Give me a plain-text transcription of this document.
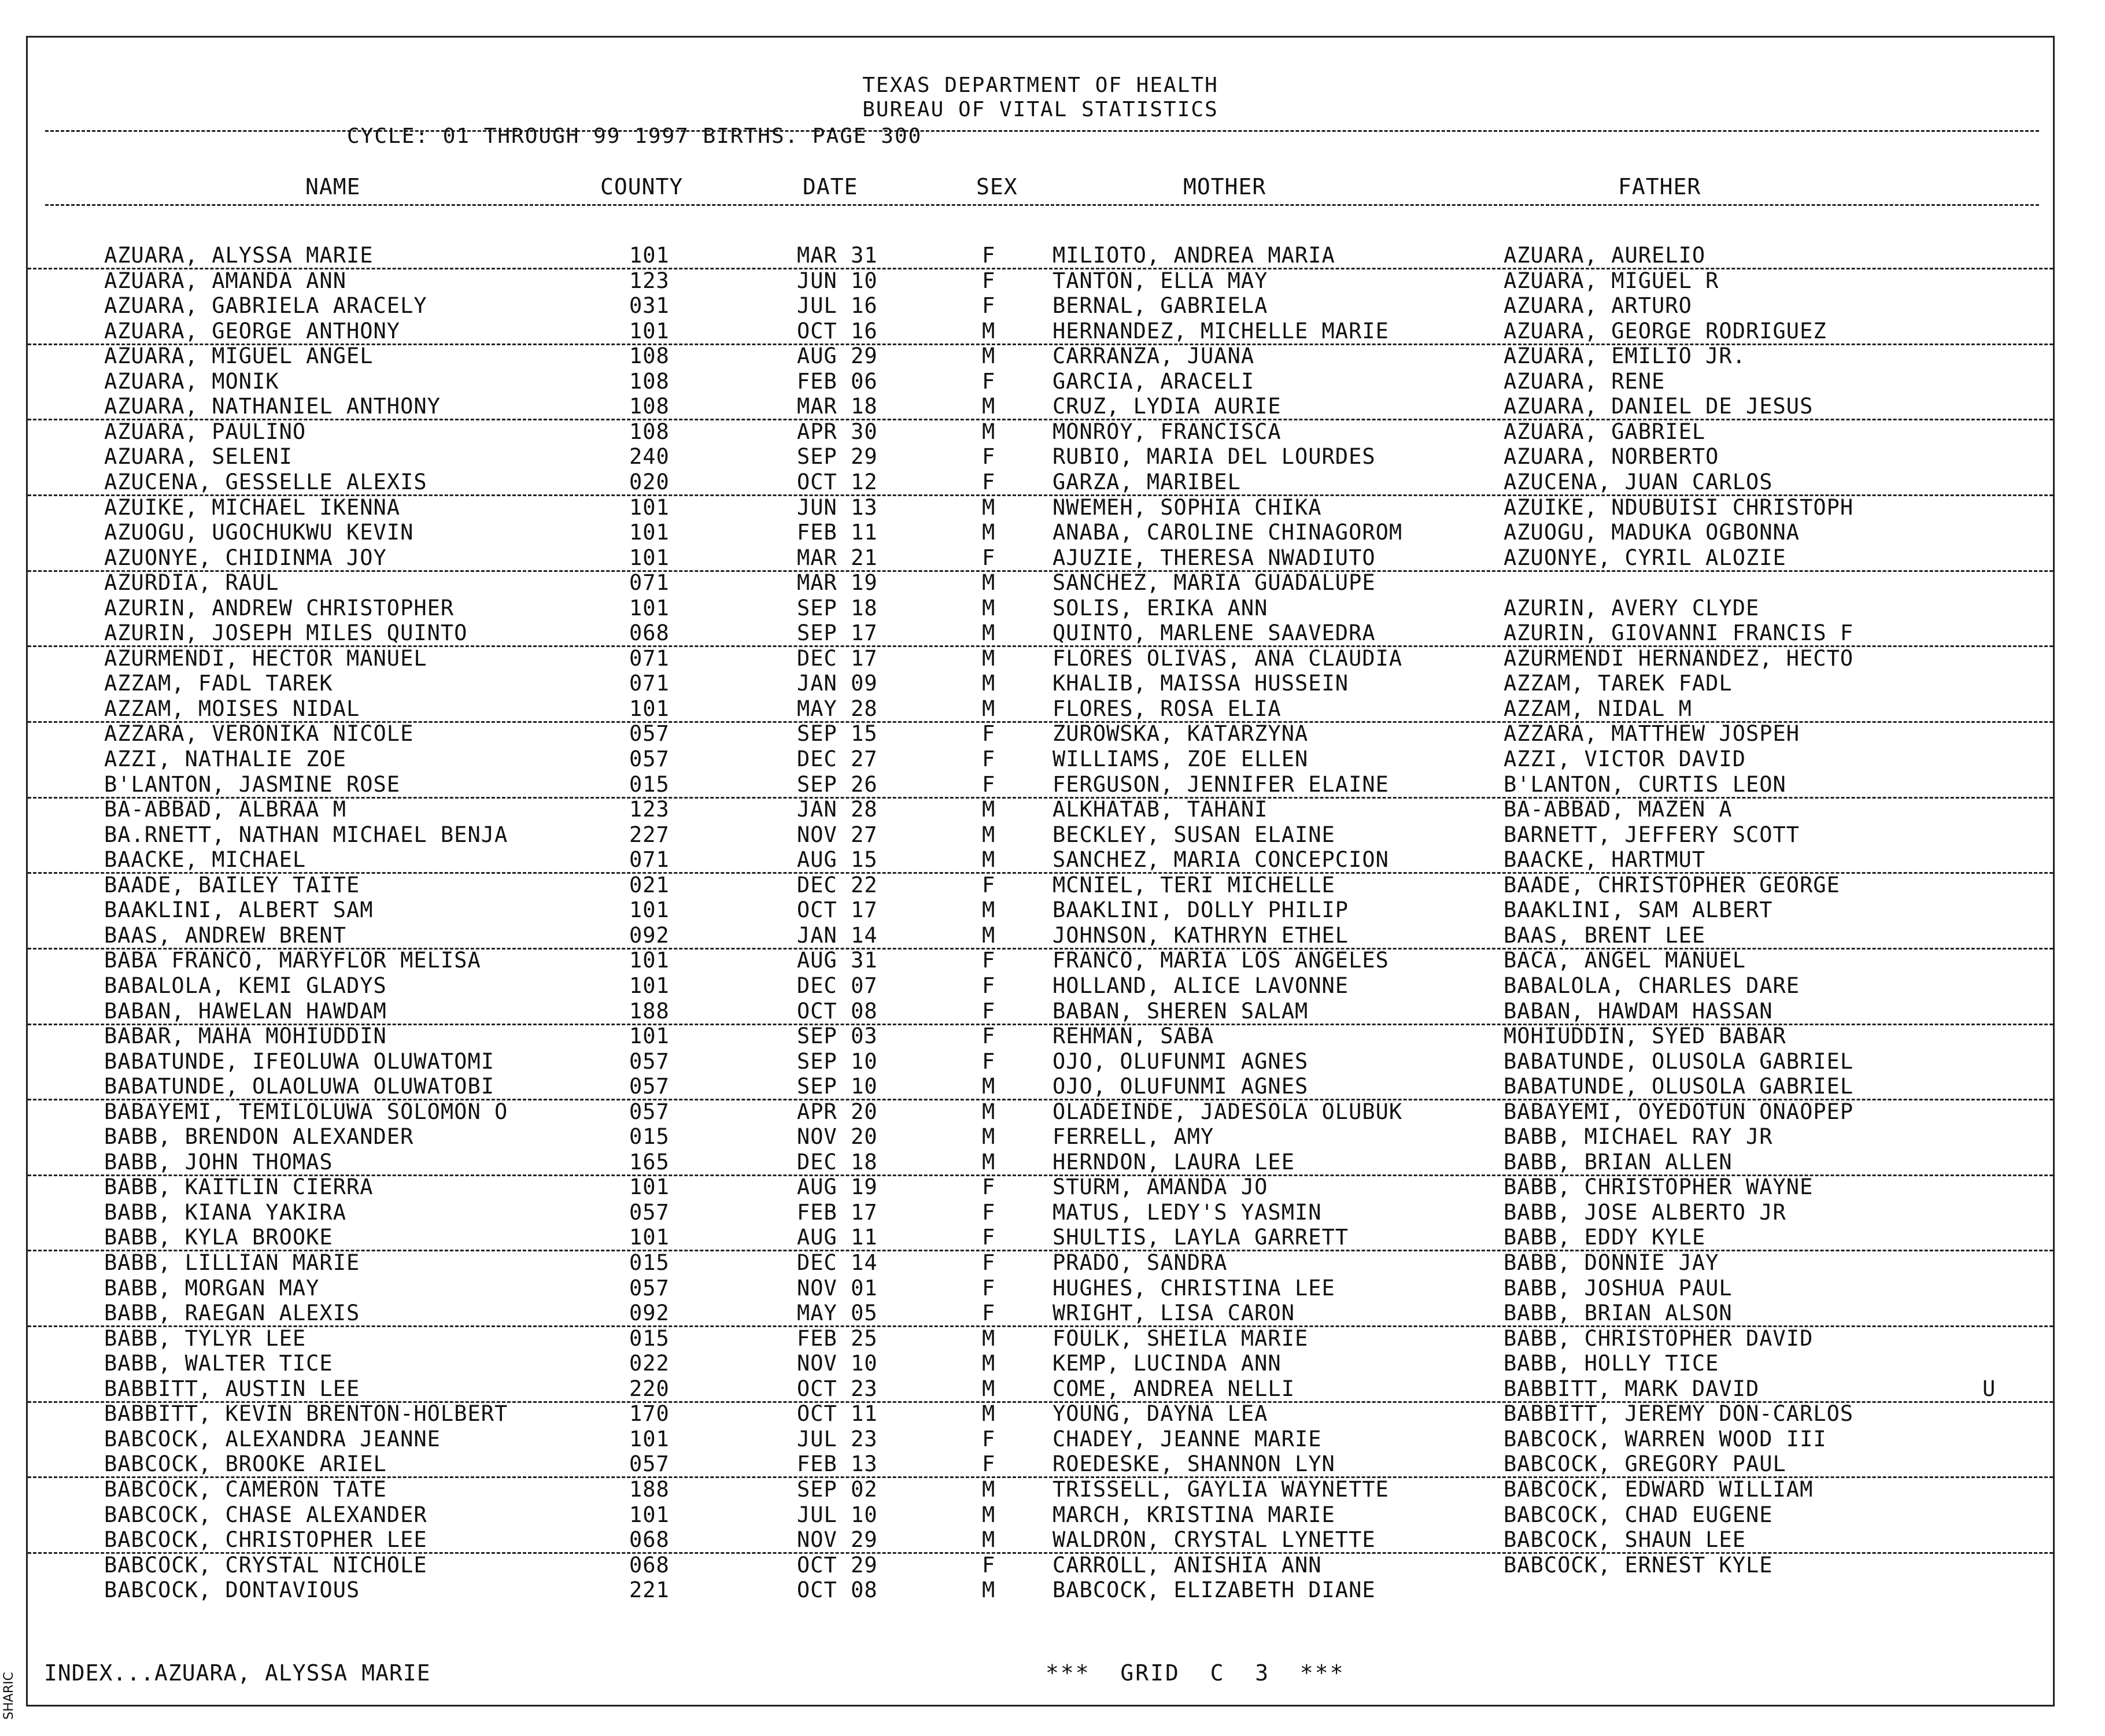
SHARIC
TEXAS DEPARTMENT OF HEALTH
BUREAU OF VITAL STATISTICS
CYCLE: 01 THROUGH 99 1997 BIRTHS. PAGE 300
NAME	COUNTY	DATE	SEX	MOTHER	FATHER
AZUARA, ALYSSA MARIE	101	MAR 31	F	MILIOTO, ANDREA MARIA	AZUARA, AURELIO
AZUARA, AMANDA ANN	123	JUN 10	F	TANTON, ELLA MAY	AZUARA, MIGUEL R
AZUARA, GABRIELA ARACELY	031	JUL 16	F	BERNAL, GABRIELA	AZUARA, ARTURO
AZUARA, GEORGE ANTHONY	101	OCT 16	M	HERNANDEZ, MICHELLE MARIE	AZUARA, GEORGE RODRIGUEZ
AZUARA, MIGUEL ANGEL	108	AUG 29	M	CARRANZA, JUANA	AZUARA, EMILIO JR.
AZUARA, MONIK	108	FEB 06	F	GARCIA, ARACELI	AZUARA, RENE
AZUARA, NATHANIEL ANTHONY	108	MAR 18	M	CRUZ, LYDIA AURIE	AZUARA, DANIEL DE JESUS
AZUARA, PAULINO	108	APR 30	M	MONROY, FRANCISCA	AZUARA, GABRIEL
AZUARA, SELENI	240	SEP 29	F	RUBIO, MARIA DEL LOURDES	AZUARA, NORBERTO
AZUCENA, GESSELLE ALEXIS	020	OCT 12	F	GARZA, MARIBEL	AZUCENA, JUAN CARLOS
AZUIKE, MICHAEL IKENNA	101	JUN 13	M	NWEMEH, SOPHIA CHIKA	AZUIKE, NDUBUISI CHRISTOPH
AZUOGU, UGOCHUKWU KEVIN	101	FEB 11	M	ANABA, CAROLINE CHINAGOROM	AZUOGU, MADUKA OGBONNA
AZUONYE, CHIDINMA JOY	101	MAR 21	F	AJUZIE, THERESA NWADIUTO	AZUONYE, CYRIL ALOZIE
AZURDIA, RAUL	071	MAR 19	M	SANCHEZ, MARIA GUADALUPE
AZURIN, ANDREW CHRISTOPHER	101	SEP 18	M	SOLIS, ERIKA ANN	AZURIN, AVERY CLYDE
AZURIN, JOSEPH MILES QUINTO	068	SEP 17	M	QUINTO, MARLENE SAAVEDRA	AZURIN, GIOVANNI FRANCIS F
AZURMENDI, HECTOR MANUEL	071	DEC 17	M	FLORES OLIVAS, ANA CLAUDIA	AZURMENDI HERNANDEZ, HECTO
AZZAM, FADL TAREK	071	JAN 09	M	KHALIB, MAISSA HUSSEIN	AZZAM, TAREK FADL
AZZAM, MOISES NIDAL	101	MAY 28	M	FLORES, ROSA ELIA	AZZAM, NIDAL M
AZZARA, VERONIKA NICOLE	057	SEP 15	F	ZUROWSKA, KATARZYNA	AZZARA, MATTHEW JOSPEH
AZZI, NATHALIE ZOE	057	DEC 27	F	WILLIAMS, ZOE ELLEN	AZZI, VICTOR DAVID
B'LANTON, JASMINE ROSE	015	SEP 26	F	FERGUSON, JENNIFER ELAINE	B'LANTON, CURTIS LEON
BA-ABBAD, ALBRAA M	123	JAN 28	M	ALKHATAB, TAHANI	BA-ABBAD, MAZEN A
BA.RNETT, NATHAN MICHAEL BENJA	227	NOV 27	M	BECKLEY, SUSAN ELAINE	BARNETT, JEFFERY SCOTT
BAACKE, MICHAEL	071	AUG 15	M	SANCHEZ, MARIA CONCEPCION	BAACKE, HARTMUT
BAADE, BAILEY TAITE	021	DEC 22	F	MCNIEL, TERI MICHELLE	BAADE, CHRISTOPHER GEORGE
BAAKLINI, ALBERT SAM	101	OCT 17	M	BAAKLINI, DOLLY PHILIP	BAAKLINI, SAM ALBERT
BAAS, ANDREW BRENT	092	JAN 14	M	JOHNSON, KATHRYN ETHEL	BAAS, BRENT LEE
BABA FRANCO, MARYFLOR MELISA	101	AUG 31	F	FRANCO, MARIA LOS ANGELES	BACA, ANGEL MANUEL
BABALOLA, KEMI GLADYS	101	DEC 07	F	HOLLAND, ALICE LAVONNE	BABALOLA, CHARLES DARE
BABAN, HAWELAN HAWDAM	188	OCT 08	F	BABAN, SHEREN SALAM	BABAN, HAWDAM HASSAN
BABAR, MAHA MOHIUDDIN	101	SEP 03	F	REHMAN, SABA	MOHIUDDIN, SYED BABAR
BABATUNDE, IFEOLUWA OLUWATOMI	057	SEP 10	F	OJO, OLUFUNMI AGNES	BABATUNDE, OLUSOLA GABRIEL
BABATUNDE, OLAOLUWA OLUWATOBI	057	SEP 10	M	OJO, OLUFUNMI AGNES	BABATUNDE, OLUSOLA GABRIEL
BABAYEMI, TEMILOLUWA SOLOMON O	057	APR 20	M	OLADEINDE, JADESOLA OLUBUK	BABAYEMI, OYEDOTUN ONAOPEP
BABB, BRENDON ALEXANDER	015	NOV 20	M	FERRELL, AMY	BABB, MICHAEL RAY JR
BABB, JOHN THOMAS	165	DEC 18	M	HERNDON, LAURA LEE	BABB, BRIAN ALLEN
BABB, KAITLIN CIERRA	101	AUG 19	F	STURM, AMANDA JO	BABB, CHRISTOPHER WAYNE
BABB, KIANA YAKIRA	057	FEB 17	F	MATUS, LEDY'S YASMIN	BABB, JOSE ALBERTO JR
BABB, KYLA BROOKE	101	AUG 11	F	SHULTIS, LAYLA GARRETT	BABB, EDDY KYLE
BABB, LILLIAN MARIE	015	DEC 14	F	PRADO, SANDRA	BABB, DONNIE JAY
BABB, MORGAN MAY	057	NOV 01	F	HUGHES, CHRISTINA LEE	BABB, JOSHUA PAUL
BABB, RAEGAN ALEXIS	092	MAY 05	F	WRIGHT, LISA CARON	BABB, BRIAN ALSON
BABB, TYLYR LEE	015	FEB 25	M	FOULK, SHEILA MARIE	BABB, CHRISTOPHER DAVID
BABB, WALTER TICE	022	NOV 10	M	KEMP, LUCINDA ANN	BABB, HOLLY TICE
BABBITT, AUSTIN LEE	220	OCT 23	M	COME, ANDREA NELLI	BABBITT, MARK DAVID	U
BABBITT, KEVIN BRENTON-HOLBERT	170	OCT 11	M	YOUNG, DAYNA LEA	BABBITT, JEREMY DON-CARLOS
BABCOCK, ALEXANDRA JEANNE	101	JUL 23	F	CHADEY, JEANNE MARIE	BABCOCK, WARREN WOOD III
BABCOCK, BROOKE ARIEL	057	FEB 13	F	ROEDESKE, SHANNON LYN	BABCOCK, GREGORY PAUL
BABCOCK, CAMERON TATE	188	SEP 02	M	TRISSELL, GAYLIA WAYNETTE	BABCOCK, EDWARD WILLIAM
BABCOCK, CHASE ALEXANDER	101	JUL 10	M	MARCH, KRISTINA MARIE	BABCOCK, CHAD EUGENE
BABCOCK, CHRISTOPHER LEE	068	NOV 29	M	WALDRON, CRYSTAL LYNETTE	BABCOCK, SHAUN LEE
BABCOCK, CRYSTAL NICHOLE	068	OCT 29	F	CARROLL, ANISHIA ANN	BABCOCK, ERNEST KYLE
BABCOCK, DONTAVIOUS	221	OCT 08	M	BABCOCK, ELIZABETH DIANE
INDEX...AZUARA, ALYSSA MARIE	***  GRID  C  3  ***
